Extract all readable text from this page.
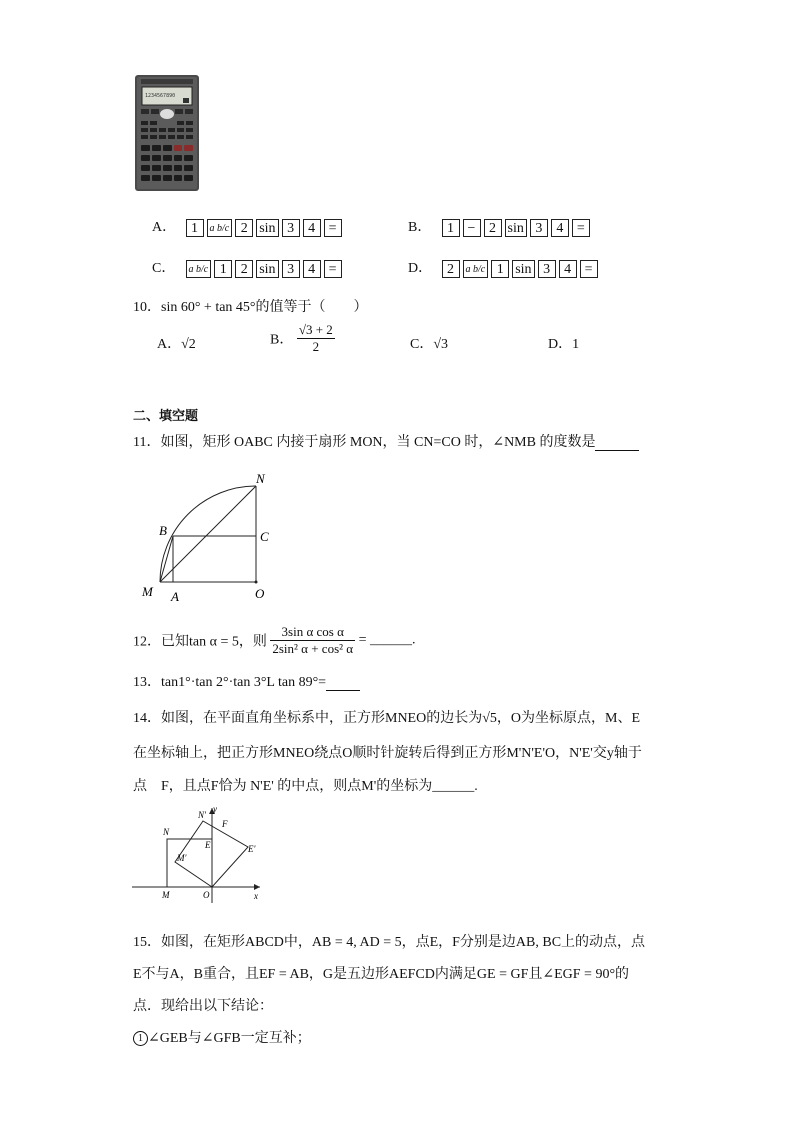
1234567890
A．	1	a b/c 2 sin 3	4 =	B．	1 − 2 sin 3	4 =
C．	a b/c 1	2 sin 3	4 =	D．	2	a b/c 1 sin 3	4 =
10．sin 60° + tan 45°的值等于（　　）
A．√2	B． $\frac{√3 + 2}{2}$	C．√3	D．1
二、填空题
11．如图，矩形 OABC 内接于扇形 MON，当 CN=CO 时，∠NMB 的度数是
N
B	C
M A	O
12．已知tan α = 5，则 $\frac{\text{3sin α cos α}}{\text{2sin² α + cos² α}}$ = ______.
13．tan1°·tan 2°·tan 3°L tan 89°=
14．如图，在平面直角坐标系中，正方形MNEO的边长为√5，O为坐标原点，M、E
在坐标轴上，把正方形MNEO绕点O顺时针旋转后得到正方形M'N'E'O，N'E'交y轴于
点　F，且点F恰为 N'E' 的中点，则点M'的坐标为______.
N'
y
F
N
E	E'
M'
M	O	x
15．如图，在矩形ABCD中，AB = 4, AD = 5，点E，F分别是边AB, BC上的动点，点
E不与A，B重合，且EF = AB，G是五边形AEFCD内满足GE = GF且∠EGF = 90°的
点．现给出以下结论：
1 ∠GEB与∠GFB一定互补；
